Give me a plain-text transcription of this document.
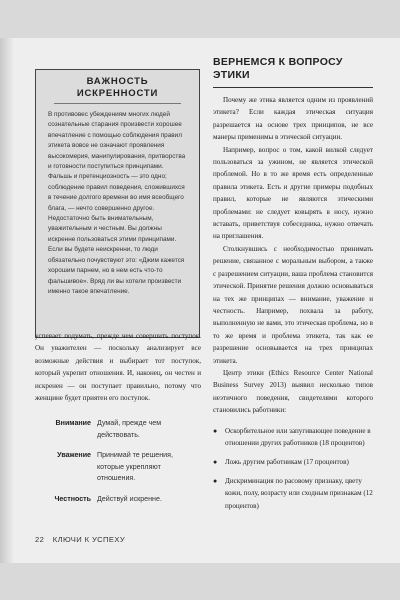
ВАЖНОСТЬ
ИСКРЕННОСТИ

В противовес убеждениям многих людей сознательные старания произвести хорошее впечатление с помощью соблюдения правил этикета вовсе не означают проявления высокомерия, манипулирования, притворства и готовности поступиться принципами. Фальшь и претенциозность — это одно; соблюдение правил поведения, сложившихся в течение долгого времени во имя всеобщего блага, — нечто совершенно другое. Недостаточно быть внимательным, уважительным и честным. Вы должны искренне пользоваться этими принципами. Если вы будете неискренни, то люди обязательно почувствуют это: «Джим кажется хорошим парнем, но в нем есть что-то фальшивое». Вряд ли вы хотели произвести именно такое впечатление.

успевает подумать, прежде чем совершить поступок. Он уважителен — поскольку анализирует все возможные действия и выбирает тот поступок, который укрепит отношения. И, наконец, он честен и искренен — он поступает правильно, потому что женщине будет приятен его поступок.

Внимание Думай, прежде чем действовать.
Уважение Принимай те решения, которые укрепляют отношения.
Честность Действуй искренне.
ВЕРНЕМСЯ К ВОПРОСУ
ЭТИКИ

Почему же этика является одним из проявлений этикета? Если каждая этическая ситуация разрешается на основе трех принципов, не все манеры применимы в этической ситуации.

Например, вопрос о том, какой вилкой следует пользоваться за ужином, не является этической проблемой. Но в то же время есть определенные правила этикета. Есть и другие примеры подобных правил, которые не являются этическими проблемами: не следует ковырять в носу, нужно вставать, приветствуя собеседника, нужно отвечать на приглашения.

Столкнувшись с необходимостью принимать решение, связанное с моральным выбором, а также с разрешением ситуации, ваша проблема становится этической. Принятие решения должно основываться на тех же принципах — внимание, уважение и честность. Например, похвала за работу, выполненную не вами, это этическая проблема, но в то же время и проблема этикета, так как ее разрешение основывается на трех принципах этикета.

Центр этики (Ethics Resource Center National Business Survey 2013) выявил несколько типов неэтичного поведения, свидетелями которого становились работники:

● Оскорбительное или запугивающее поведение в отношении других работников (18 процентов)
● Ложь другим работникам (17 процентов)
● Дискриминация по расовому признаку, цвету кожи, полу, возрасту или сходным признакам (12 процентов)
22 КЛЮЧИ К УСПЕХУ
